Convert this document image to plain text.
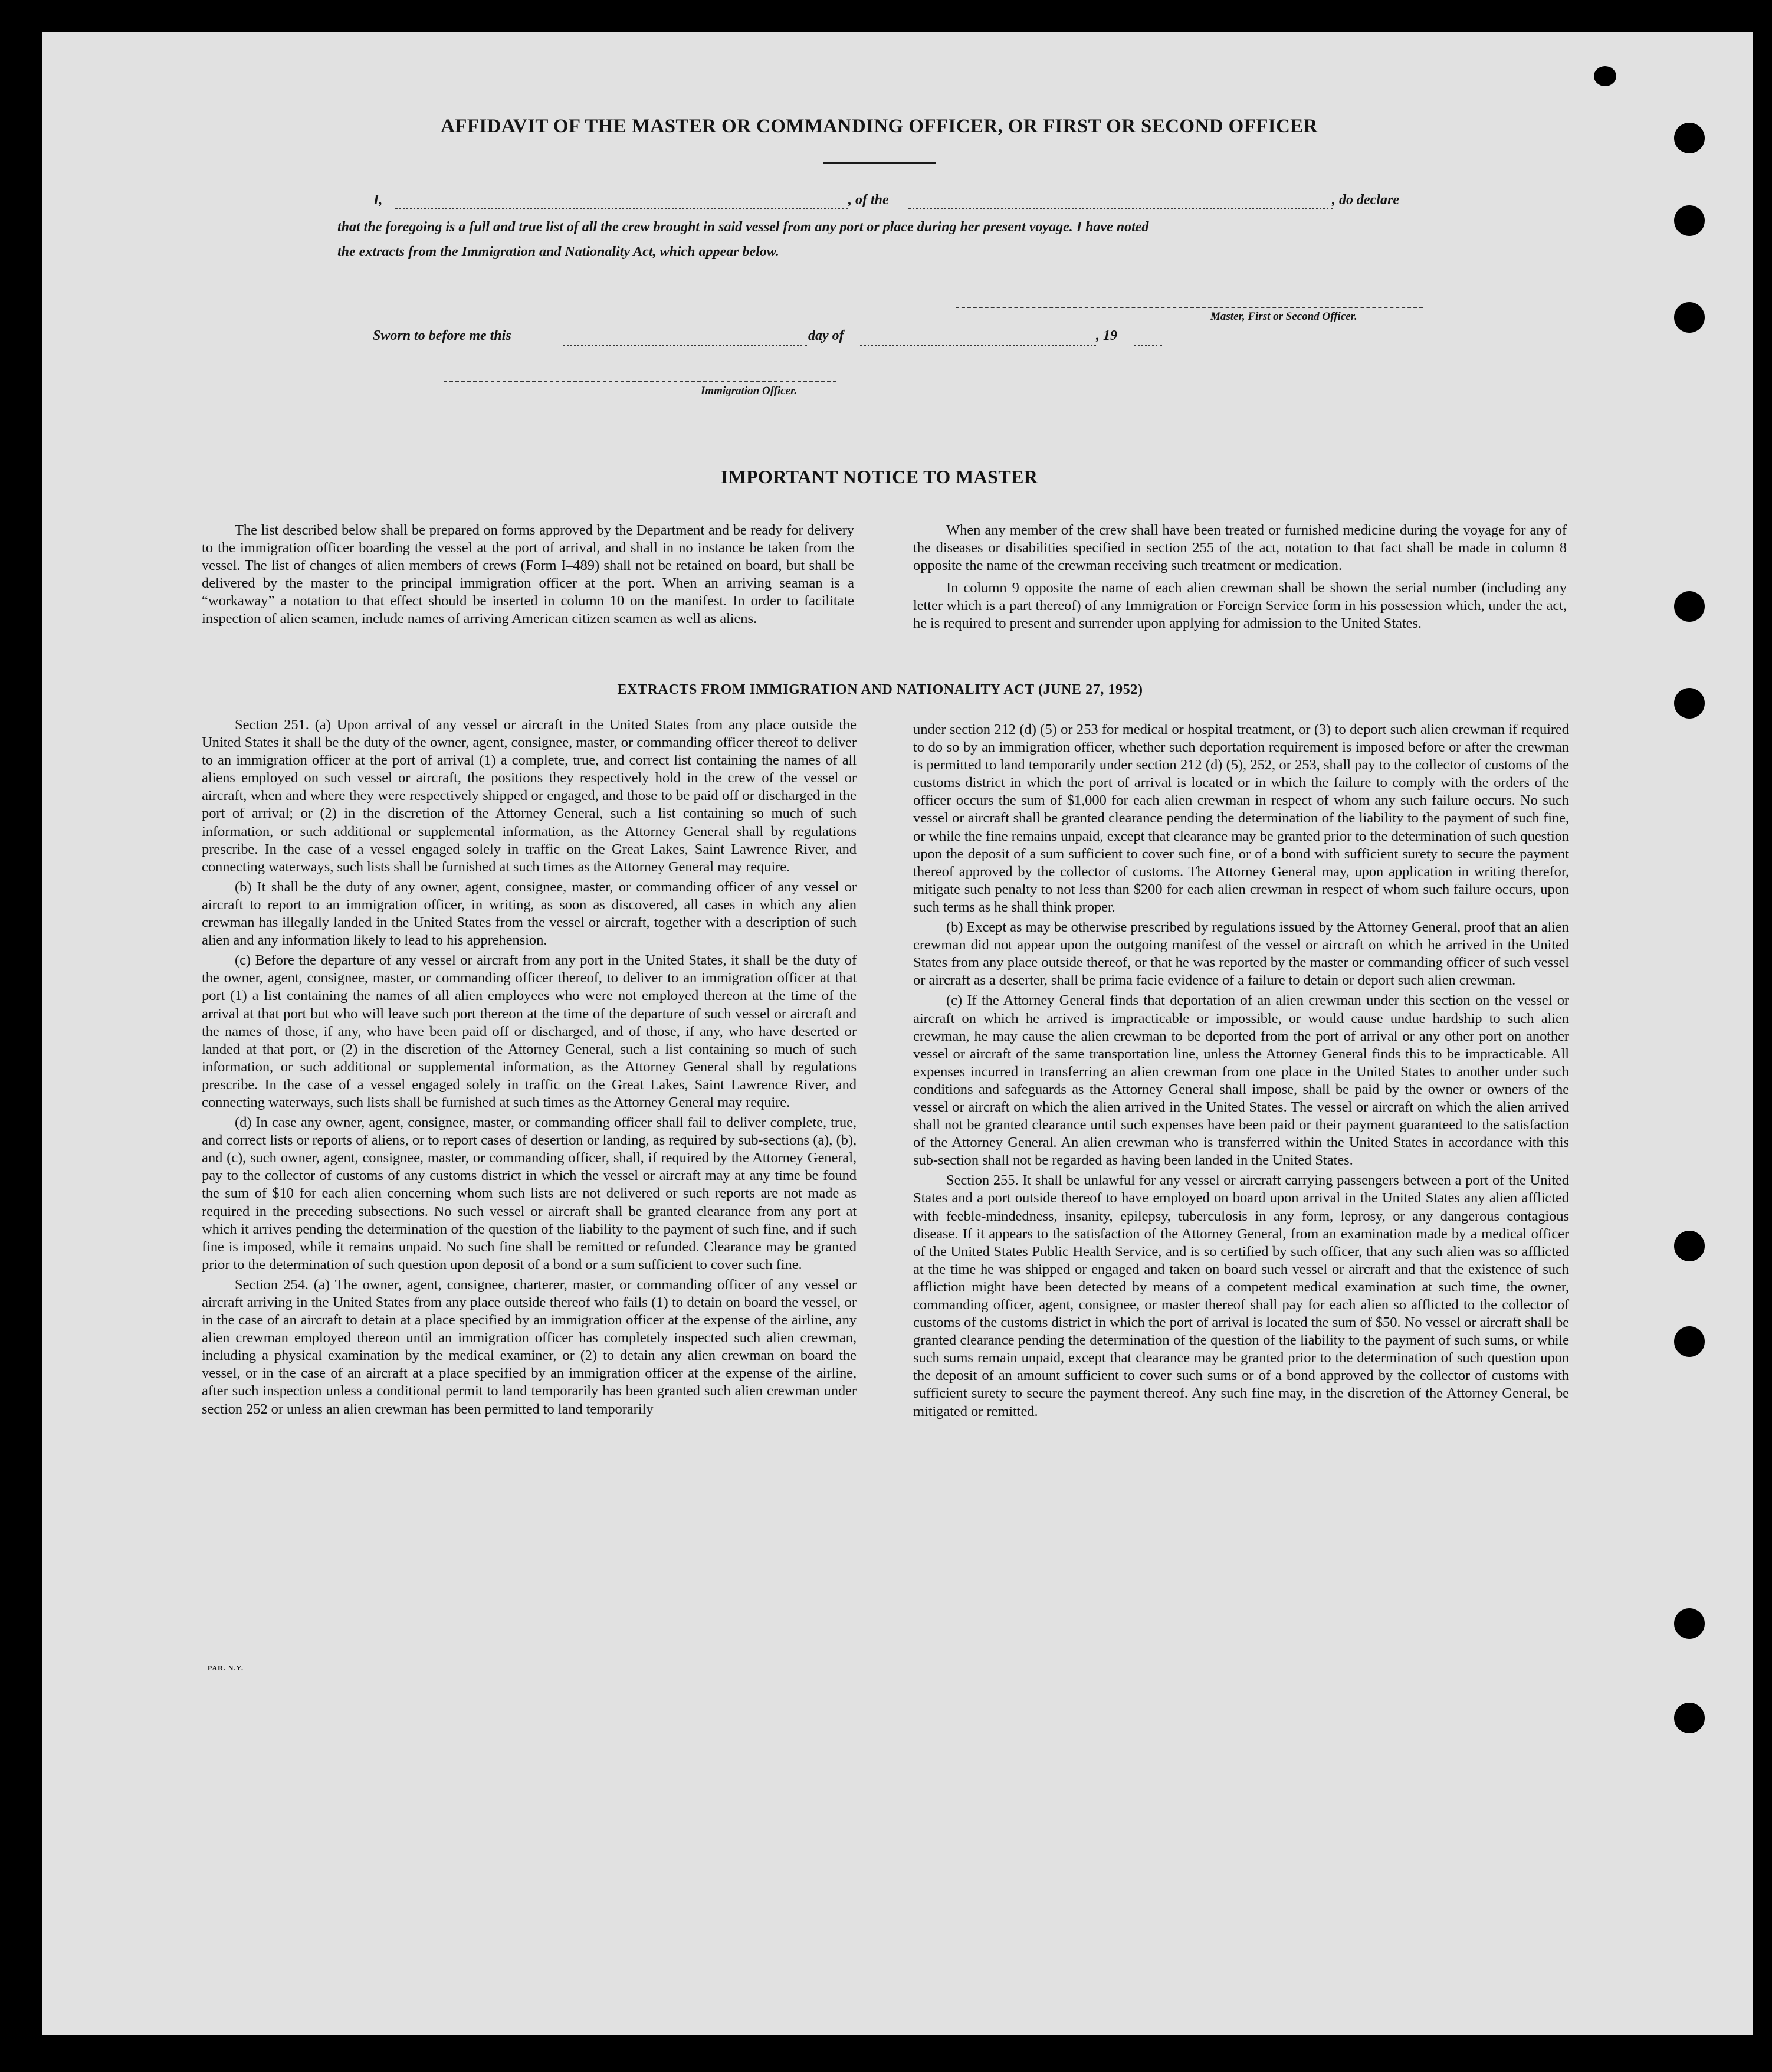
AFFIDAVIT OF THE MASTER OR COMMANDING OFFICER, OR FIRST OR SECOND OFFICER
I,	, of the	, do declare
that the foregoing is a full and true list of all the crew brought in said vessel from any port or place during her present voyage. I have noted
the extracts from the Immigration and Nationality Act, which appear below.
Master, First or Second Officer.
Sworn to before me this	day of	, 19
Immigration Officer.
IMPORTANT NOTICE TO MASTER

The list described below shall be prepared on forms approved by the Department and be ready for delivery to the immigration officer boarding the vessel at the port of arrival, and shall in no instance be taken from the vessel. The list of changes of alien members of crews (Form I–489) shall not be retained on board, but shall be delivered by the master to the principal immigration officer at the port. When an arriving seaman is a “workaway” a notation to that effect should be inserted in column 10 on the manifest. In order to facilitate inspection of alien seamen, include names of arriving American citizen seamen as well as aliens.

When any member of the crew shall have been treated or furnished medicine during the voyage for any of the diseases or disabilities specified in section 255 of the act, notation to that fact shall be made in column 8 opposite the name of the crewman receiving such treatment or medication.

In column 9 opposite the name of each alien crewman shall be shown the serial number (including any letter which is a part thereof) of any Immigration or Foreign Service form in his possession which, under the act, he is required to present and surrender upon applying for admission to the United States.

EXTRACTS FROM IMMIGRATION AND NATIONALITY ACT (JUNE 27, 1952)

Section 251. (a) Upon arrival of any vessel or aircraft in the United States from any place outside the United States it shall be the duty of the owner, agent, consignee, master, or commanding officer thereof to deliver to an immigration officer at the port of arrival (1) a complete, true, and correct list containing the names of all aliens employed on such vessel or aircraft, the positions they respectively hold in the crew of the vessel or aircraft, when and where they were respectively shipped or engaged, and those to be paid off or discharged in the port of arrival; or (2) in the discretion of the Attorney General, such a list containing so much of such information, or such additional or supplemental information, as the Attorney General shall by regulations prescribe. In the case of a vessel engaged solely in traffic on the Great Lakes, Saint Lawrence River, and connecting waterways, such lists shall be furnished at such times as the Attorney General may require.

(b) It shall be the duty of any owner, agent, consignee, master, or commanding officer of any vessel or aircraft to report to an immigration officer, in writing, as soon as discovered, all cases in which any alien crewman has illegally landed in the United States from the vessel or aircraft, together with a description of such alien and any information likely to lead to his apprehension.

(c) Before the departure of any vessel or aircraft from any port in the United States, it shall be the duty of the owner, agent, consignee, master, or commanding officer thereof, to deliver to an immigration officer at that port (1) a list containing the names of all alien employees who were not employed thereon at the time of the arrival at that port but who will leave such port thereon at the time of the departure of such vessel or aircraft and the names of those, if any, who have been paid off or discharged, and of those, if any, who have deserted or landed at that port, or (2) in the discretion of the Attorney General, such a list containing so much of such information, or such additional or supplemental information, as the Attorney General shall by regulations prescribe. In the case of a vessel engaged solely in traffic on the Great Lakes, Saint Lawrence River, and connecting waterways, such lists shall be furnished at such times as the Attorney General may require.

(d) In case any owner, agent, consignee, master, or commanding officer shall fail to deliver complete, true, and correct lists or reports of aliens, or to report cases of desertion or landing, as required by sub-sections (a), (b), and (c), such owner, agent, consignee, master, or commanding officer, shall, if required by the Attorney General, pay to the collector of customs of any customs district in which the vessel or aircraft may at any time be found the sum of $10 for each alien concerning whom such lists are not delivered or such reports are not made as required in the preceding subsections. No such vessel or aircraft shall be granted clearance from any port at which it arrives pending the determination of the question of the liability to the payment of such fine, and if such fine is imposed, while it remains unpaid. No such fine shall be remitted or refunded. Clearance may be granted prior to the determination of such question upon deposit of a bond or a sum sufficient to cover such fine.

Section 254. (a) The owner, agent, consignee, charterer, master, or commanding officer of any vessel or aircraft arriving in the United States from any place outside thereof who fails (1) to detain on board the vessel, or in the case of an aircraft to detain at a place specified by an immigration officer at the expense of the airline, any alien crewman employed thereon until an immigration officer has completely inspected such alien crewman, including a physical examination by the medical examiner, or (2) to detain any alien crewman on board the vessel, or in the case of an aircraft at a place specified by an immigration officer at the expense of the airline, after such inspection unless a conditional permit to land temporarily has been granted such alien crewman under section 252 or unless an alien crewman has been permitted to land temporarily

under section 212 (d) (5) or 253 for medical or hospital treatment, or (3) to deport such alien crewman if required to do so by an immigration officer, whether such deportation requirement is imposed before or after the crewman is permitted to land temporarily under section 212 (d) (5), 252, or 253, shall pay to the collector of customs of the customs district in which the port of arrival is located or in which the failure to comply with the orders of the officer occurs the sum of $1,000 for each alien crewman in respect of whom any such failure occurs. No such vessel or aircraft shall be granted clearance pending the determination of the liability to the payment of such fine, or while the fine remains unpaid, except that clearance may be granted prior to the determination of such question upon the deposit of a sum sufficient to cover such fine, or of a bond with sufficient surety to secure the payment thereof approved by the collector of customs. The Attorney General may, upon application in writing therefor, mitigate such penalty to not less than $200 for each alien crewman in respect of whom such failure occurs, upon such terms as he shall think proper.

(b) Except as may be otherwise prescribed by regulations issued by the Attorney General, proof that an alien crewman did not appear upon the outgoing manifest of the vessel or aircraft on which he arrived in the United States from any place outside thereof, or that he was reported by the master or commanding officer of such vessel or aircraft as a deserter, shall be prima facie evidence of a failure to detain or deport such alien crewman.

(c) If the Attorney General finds that deportation of an alien crewman under this section on the vessel or aircraft on which he arrived is impracticable or impossible, or would cause undue hardship to such alien crewman, he may cause the alien crewman to be deported from the port of arrival or any other port on another vessel or aircraft of the same transportation line, unless the Attorney General finds this to be impracticable. All expenses incurred in transferring an alien crewman from one place in the United States to another under such conditions and safeguards as the Attorney General shall impose, shall be paid by the owner or owners of the vessel or aircraft on which the alien arrived in the United States. The vessel or aircraft on which the alien arrived shall not be granted clearance until such expenses have been paid or their payment guaranteed to the satisfaction of the Attorney General. An alien crewman who is transferred within the United States in accordance with this sub-section shall not be regarded as having been landed in the United States.

Section 255. It shall be unlawful for any vessel or aircraft carrying passengers between a port of the United States and a port outside thereof to have employed on board upon arrival in the United States any alien afflicted with feeble-mindedness, insanity, epilepsy, tuberculosis in any form, leprosy, or any dangerous contagious disease. If it appears to the satisfaction of the Attorney General, from an examination made by a medical officer of the United States Public Health Service, and is so certified by such officer, that any such alien was so afflicted at the time he was shipped or engaged and taken on board such vessel or aircraft and that the existence of such affliction might have been detected by means of a competent medical examination at such time, the owner, commanding officer, agent, consignee, or master thereof shall pay for each alien so afflicted to the collector of customs of the customs district in which the port of arrival is located the sum of $50. No vessel or aircraft shall be granted clearance pending the determination of the question of the liability to the payment of such sums, or while such sums remain unpaid, except that clearance may be granted prior to the determination of such question upon the deposit of an amount sufficient to cover such sums or of a bond approved by the collector of customs with sufficient surety to secure the payment thereof. Any such fine may, in the discretion of the Attorney General, be mitigated or remitted.

PAR. N.Y.
